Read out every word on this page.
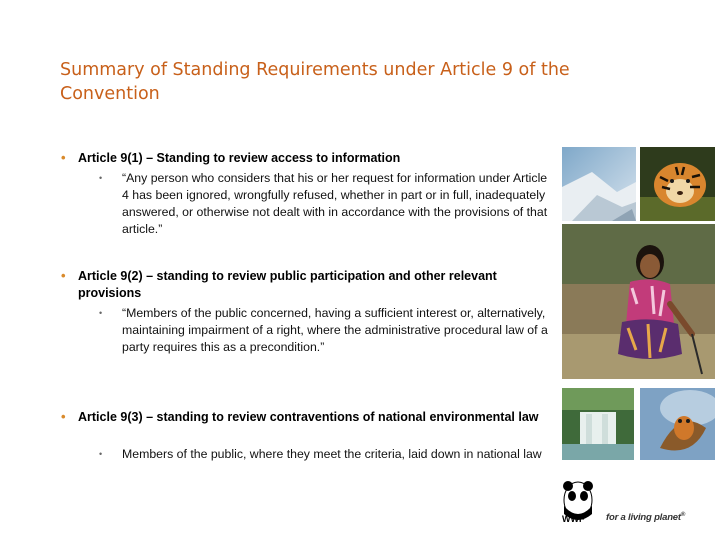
Summary of Standing Requirements under Article 9 of the Convention
• Article 9(1) – Standing to review access to information
• “Any person who considers that his or her request for information under Article 4 has been ignored, wrongfully refused, whether in part or in full, inadequately answered, or otherwise not dealt with in accordance with the provisions of that article.”
• Article 9(2) – standing to review public participation and other relevant provisions
• “Members of the public concerned, having a sufficient interest or, alternatively, maintaining impairment of a right, where the administrative procedural law of a party requires this as a precondition.”
• Article 9(3) – standing to review contraventions of national environmental law
• Members of the public, where they meet the criteria, laid down in national law
WWF for a living planet®
